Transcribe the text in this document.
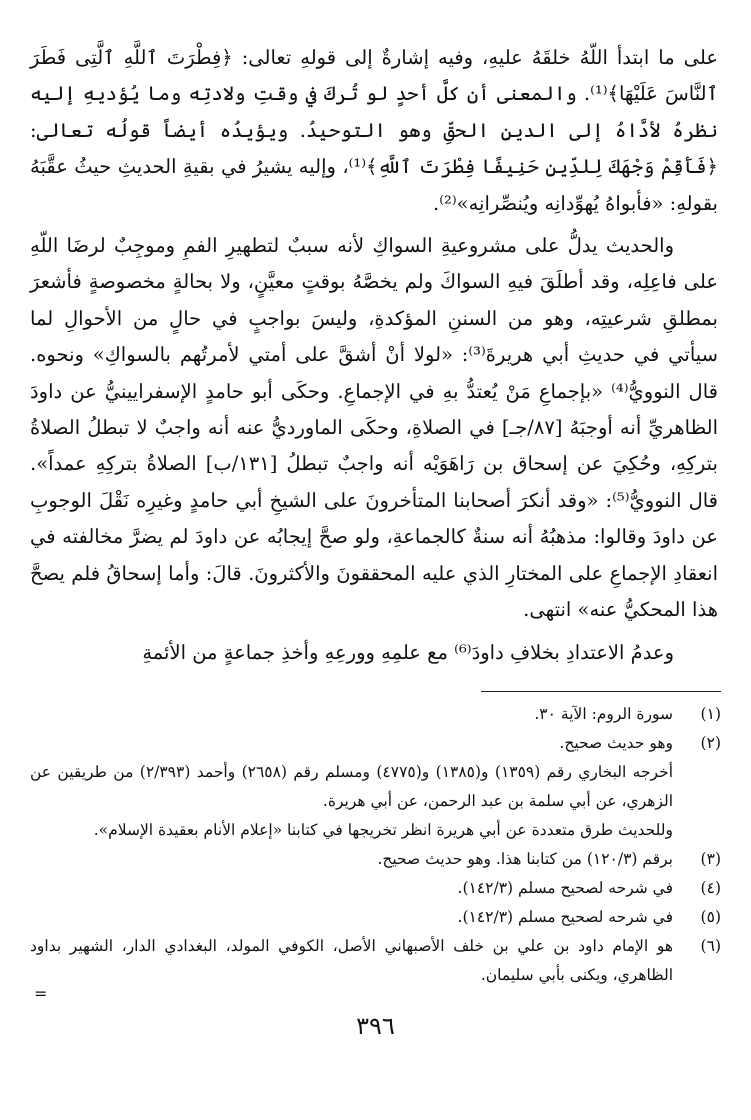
على ما ابتدأ اللّهُ خلقَهُ عليهِ، وفيه إشارةٌ إلى قولهِ تعالى: ﴿فِطْرَتَ ٱللَّهِ ٱلَّتِى فَطَرَ ٱلنَّاسَ عَلَيْهَا﴾⁽¹⁾. والمعنى أن كلَّ أحدٍ لو تُركَ في وقتِ ولادتِه وما يُؤديهِ إليه نظرهُ لأدَّاهُ إلى الدينِ الحقِّ وهو التوحيدُ. ويؤيدُه أيضاً قولُه تعالى: ﴿فَأَقِمْ وَجْهَكَ لِلدِّينِ حَنِيفًا فِطْرَتَ ٱللَّهِ﴾⁽¹⁾، وإليه يشيرُ في بقيةِ الحديثِ حيثُ عقَّبَهُ بقولهِ: «فأبواهُ يُهوِّدانِه ويُنصِّرانِه»⁽²⁾.

والحديث يدلُّ على مشروعيةِ السواكِ لأنه سببٌ لتطهيرِ الفمِ وموجِبٌ لرضَا اللّهِ على فاعِلِه، وقد أطلَقَ فيهِ السواكَ ولم يخصَّهُ بوقتٍ معيَّنٍ، ولا بحالةٍ مخصوصةٍ فأشعرَ بمطلقِ شرعيتِه، وهو من السننِ المؤكدةِ، وليسَ بواجبٍ في حالٍ من الأحوالِ لما سيأتي في حديثِ أبي هريرةَ⁽³⁾: «لولا أنْ أشقَّ على أمتي لأمرتُهم بالسواكِ» ونحوه. قال النوويُّ⁽⁴⁾ «بإجماعِ مَنْ يُعتدُّ بهِ في الإجماعِ. وحكَى أبو حامدٍ الإسفرايينيُّ عن داودَ الظاهريِّ أنه أوجبَهُ [٨٧/جـ] في الصلاةِ، وحكَى الماورديُّ عنه أنه واجبٌ لا تبطلُ الصلاةُ بتركِهِ، وحُكِيَ عن إسحاق بن رَاهَوَيْه أنه واجبٌ تبطلُ [١٣١/ب] الصلاةُ بتركِهِ عمداً». قال النوويُّ⁽⁵⁾: «وقد أنكرَ أصحابنا المتأخرونَ على الشيخِ أبي حامدٍ وغيرِه نَقْلَ الوجوبِ عن داودَ وقالوا: مذهبُهُ أنه سنةٌ كالجماعةِ، ولو صحَّ إيجابُه عن داودَ لم يضرَّ مخالفته في انعقادِ الإجماعِ على المختارِ الذي عليه المحققونَ والأكثرونَ. قالَ: وأما إسحاقُ فلم يصحَّ هذا المحكيُّ عنه» انتهى.

وعدمُ الاعتدادِ بخلافِ داودَ⁽⁶⁾ مع علمِهِ وورعِهِ وأخذِ جماعةٍ من الأئمةِ

(١)

سورة الروم: الآية ٣٠.

(٢)

وهو حديث صحيح.

أخرجه البخاري رقم (١٣٥٩) و(١٣٨٥) و(٤٧٧٥) ومسلم رقم (٢٦٥٨) وأحمد (٢/٣٩٣) من طريقين عن الزهري، عن أبي سلمة بن عبد الرحمن، عن أبي هريرة.

وللحديث طرق متعددة عن أبي هريرة انظر تخريجها في كتابنا «إعلام الأنام بعقيدة الإسلام».

(٣)

برقم (١٢٠/٣) من كتابنا هذا. وهو حديث صحيح.

(٤)

في شرحه لصحيح مسلم (١٤٢/٣).

(٥)

في شرحه لصحيح مسلم (١٤٢/٣).

(٦)

هو الإمام داود بن علي بن خلف الأصبهاني الأصل، الكوفي المولد، البغدادي الدار، الشهير بداود الظاهري، ويكنى بأبي سليمان.

=
٣٩٦
